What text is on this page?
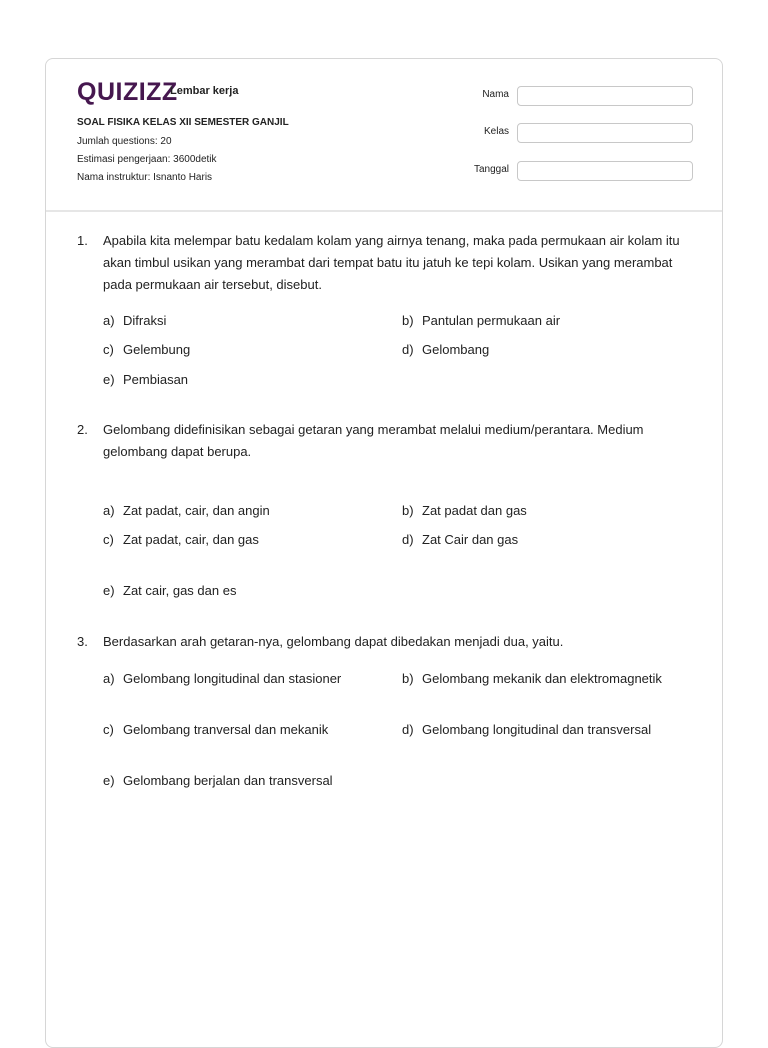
QUIZIZZ
Lembar kerja
SOAL FISIKA KELAS XII SEMESTER GANJIL
Jumlah questions: 20
Estimasi pengerjaan: 3600detik
Nama instruktur: Isnanto Haris
Nama
Kelas
Tanggal
1. Apabila kita melempar batu kedalam kolam yang airnya tenang, maka pada permukaan air kolam itu akan timbul usikan yang merambat dari tempat batu itu jatuh ke tepi kolam. Usikan yang merambat pada permukaan air tersebut, disebut.
a) Difraksi	b) Pantulan permukaan air
c) Gelembung	d) Gelombang
e) Pembiasan
2. Gelombang didefinisikan sebagai getaran yang merambat melalui medium/perantara. Medium gelombang dapat berupa.
a) Zat padat, cair, dan angin	b) Zat padat dan gas
c) Zat padat, cair, dan gas	d) Zat Cair dan gas
e) Zat cair, gas dan es
3. Berdasarkan arah getaran-nya, gelombang dapat dibedakan menjadi dua, yaitu.
a) Gelombang longitudinal dan stasioner	b) Gelombang mekanik dan elektromagnetik
c) Gelombang tranversal dan mekanik	d) Gelombang longitudinal dan transversal
e) Gelombang berjalan dan transversal
